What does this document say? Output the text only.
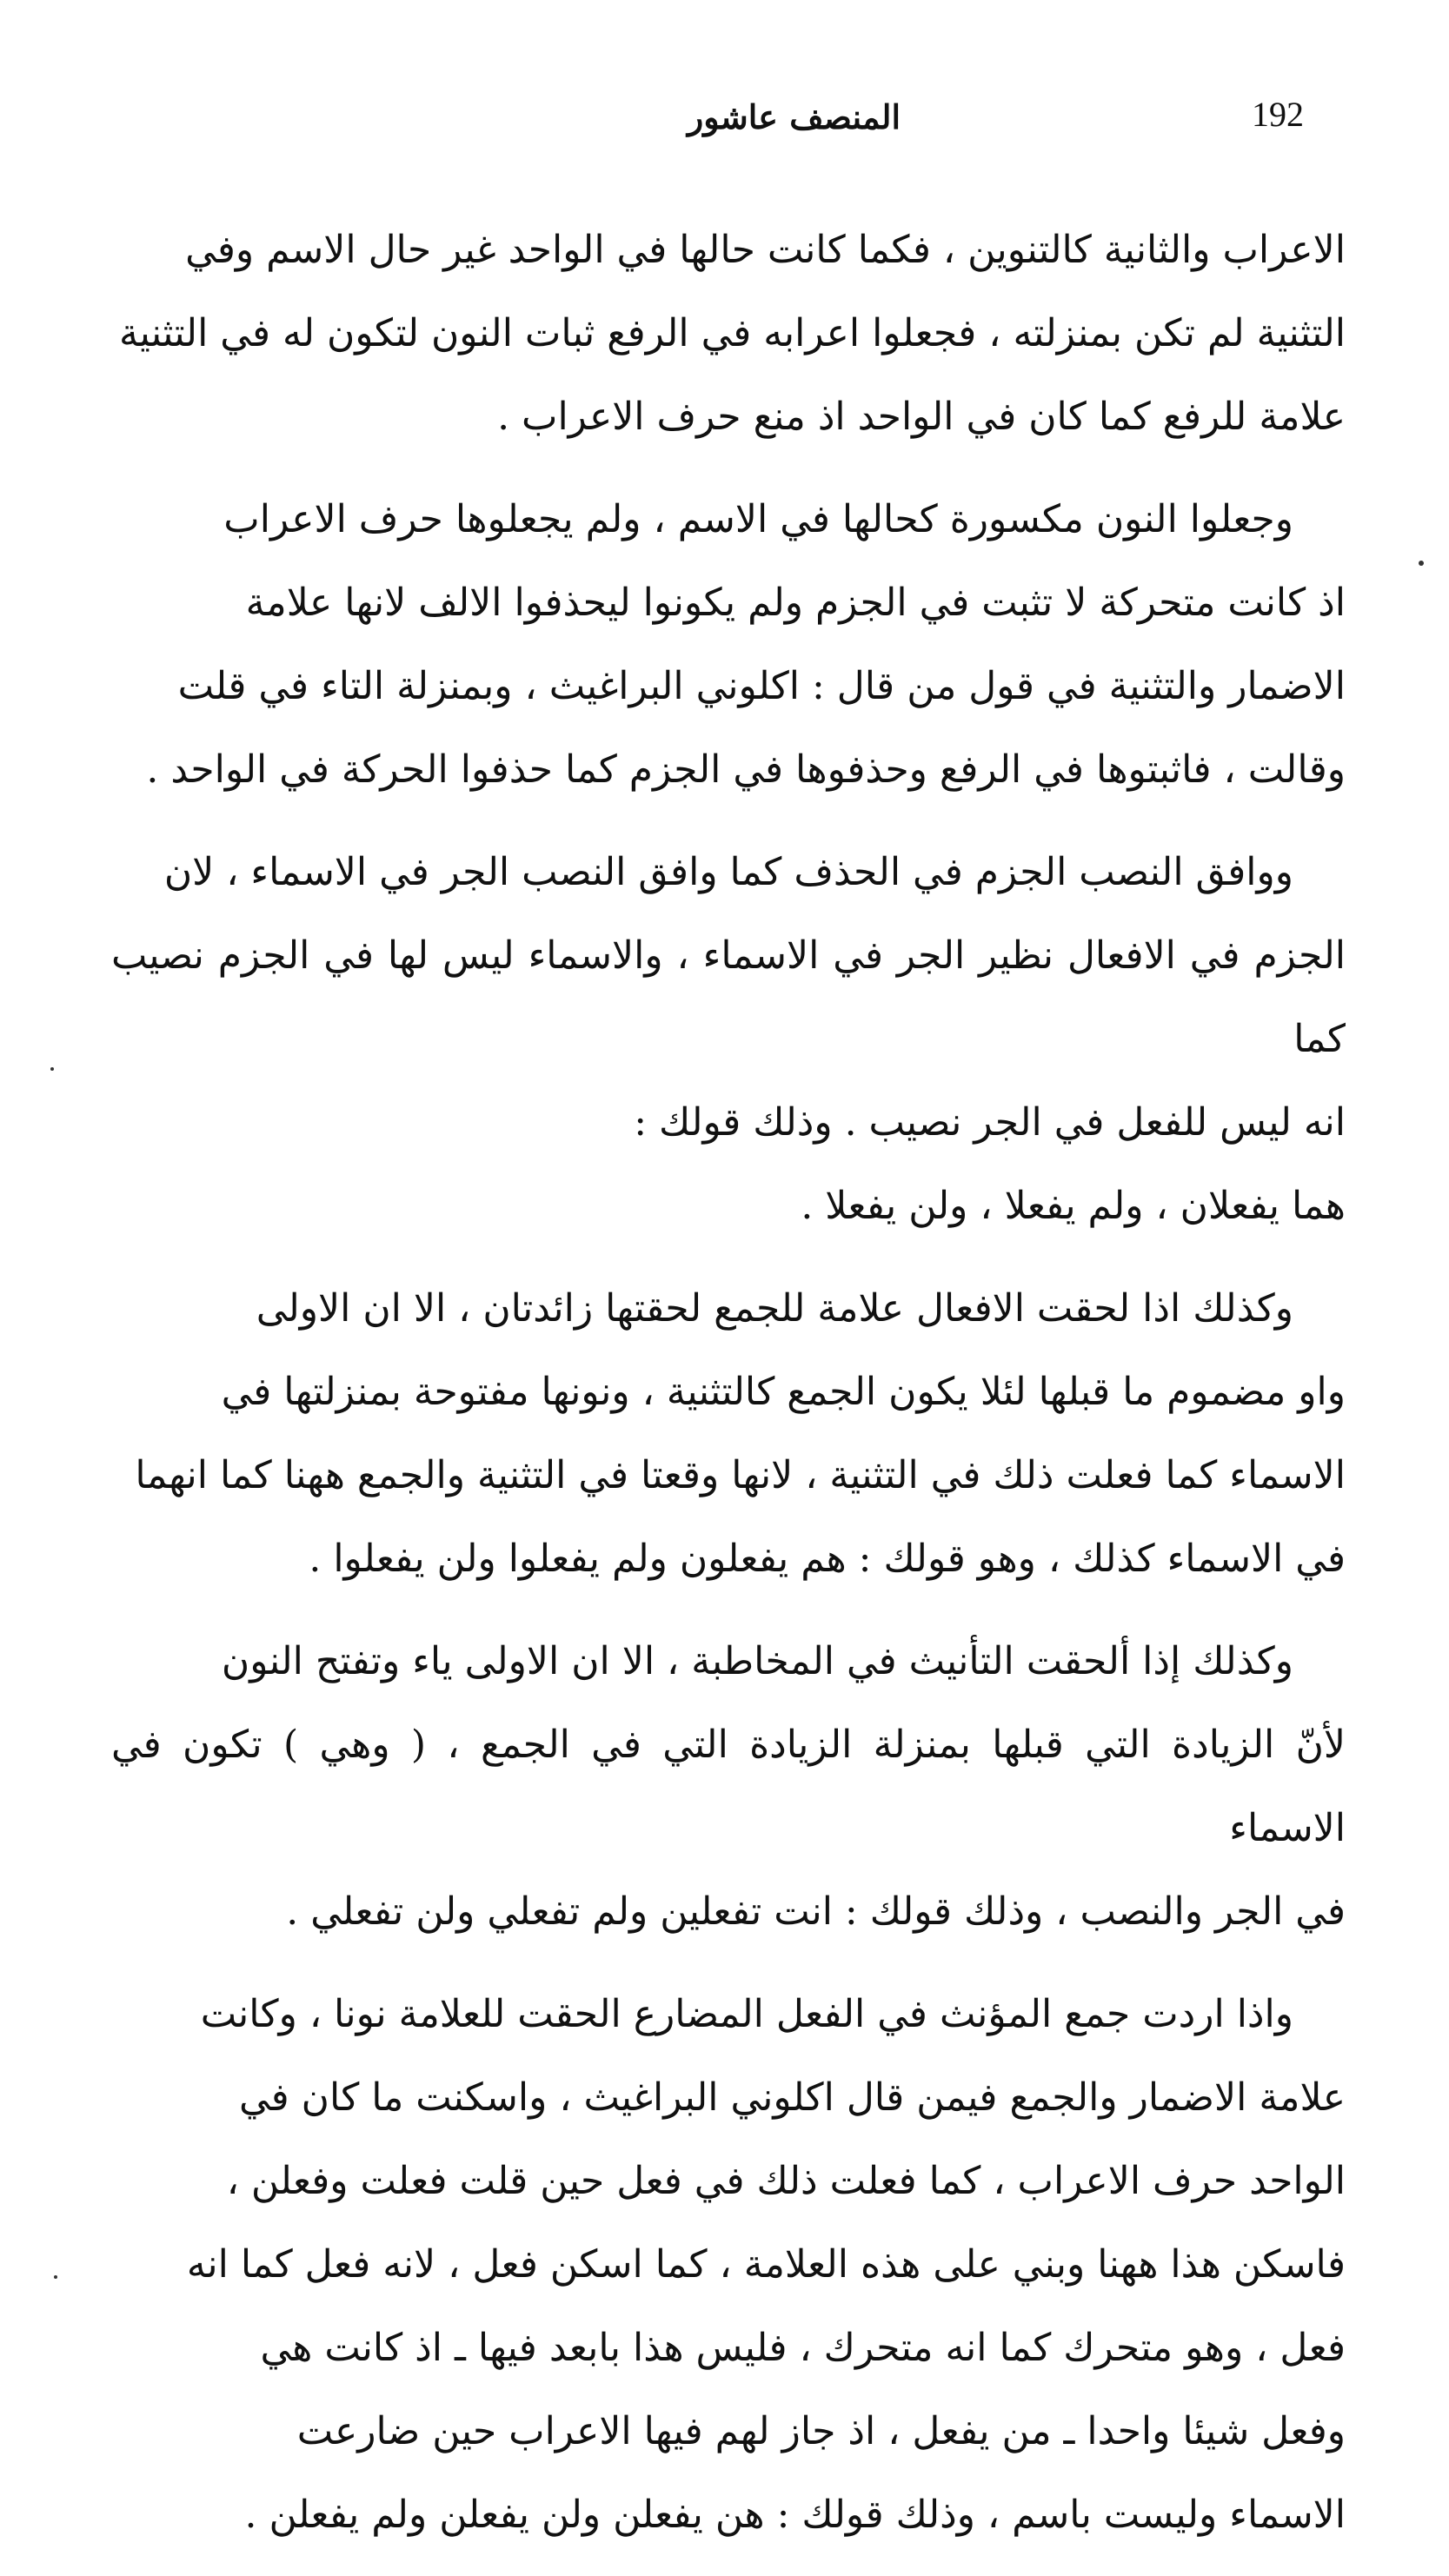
192
المنصف عاشور

الاعراب والثانية كالتنوين ، فكما كانت حالها في الواحد غير حال الاسم وفي

التثنية لم تكن بمنزلته ، فجعلوا اعرابه في الرفع ثبات النون لتكون له في التثنية

علامة للرفع كما كان في الواحد اذ منع حرف الاعراب .

وجعلوا النون مكسورة كحالها في الاسم ، ولم يجعلوها حرف الاعراب

اذ كانت متحركة لا تثبت في الجزم ولم يكونوا ليحذفوا الالف لانها علامة

الاضمار والتثنية في قول من قال : اكلوني البراغيث ، وبمنزلة التاء في قلت

وقالت ، فاثبتوها في الرفع وحذفوها في الجزم كما حذفوا الحركة في الواحد .

ووافق النصب الجزم في الحذف كما وافق النصب الجر في الاسماء ، لان

الجزم في الافعال نظير الجر في الاسماء ، والاسماء ليس لها في الجزم نصيب كما

انه ليس للفعل في الجر نصيب . وذلك قولك :

هما يفعلان ، ولم يفعلا ، ولن يفعلا .

وكذلك اذا لحقت الافعال علامة للجمع لحقتها زائدتان ، الا ان الاولى

واو مضموم ما قبلها لئلا يكون الجمع كالتثنية ، ونونها مفتوحة بمنزلتها في

الاسماء كما فعلت ذلك في التثنية ، لانها وقعتا في التثنية والجمع ههنا كما انهما

في الاسماء كذلك ، وهو قولك : هم يفعلون ولم يفعلوا ولن يفعلوا .

وكذلك إذا ألحقت التأنيث في المخاطبة ، الا ان الاولى ياء وتفتح النون

لأنّ الزيادة التي قبلها بمنزلة الزيادة التي في الجمع ، ( وهي ) تكون في الاسماء

في الجر والنصب ، وذلك قولك : انت تفعلين ولم تفعلي ولن تفعلي .

واذا اردت جمع المؤنث في الفعل المضارع الحقت للعلامة نونا ، وكانت

علامة الاضمار والجمع فيمن قال اكلوني البراغيث ، واسكنت ما كان في

الواحد حرف الاعراب ، كما فعلت ذلك في فعل حين قلت فعلت وفعلن ،

فاسكن هذا ههنا وبني على هذه العلامة ، كما اسكن فعل ، لانه فعل كما انه

فعل ، وهو متحرك كما انه متحرك ، فليس هذا بابعد فيها ـ اذ كانت هي

وفعل شيئا واحدا ـ من يفعل ، اذ جاز لهم فيها الاعراب حين ضارعت

الاسماء وليست باسم ، وذلك قولك : هن يفعلن ولن يفعلن ولم يفعلن .
